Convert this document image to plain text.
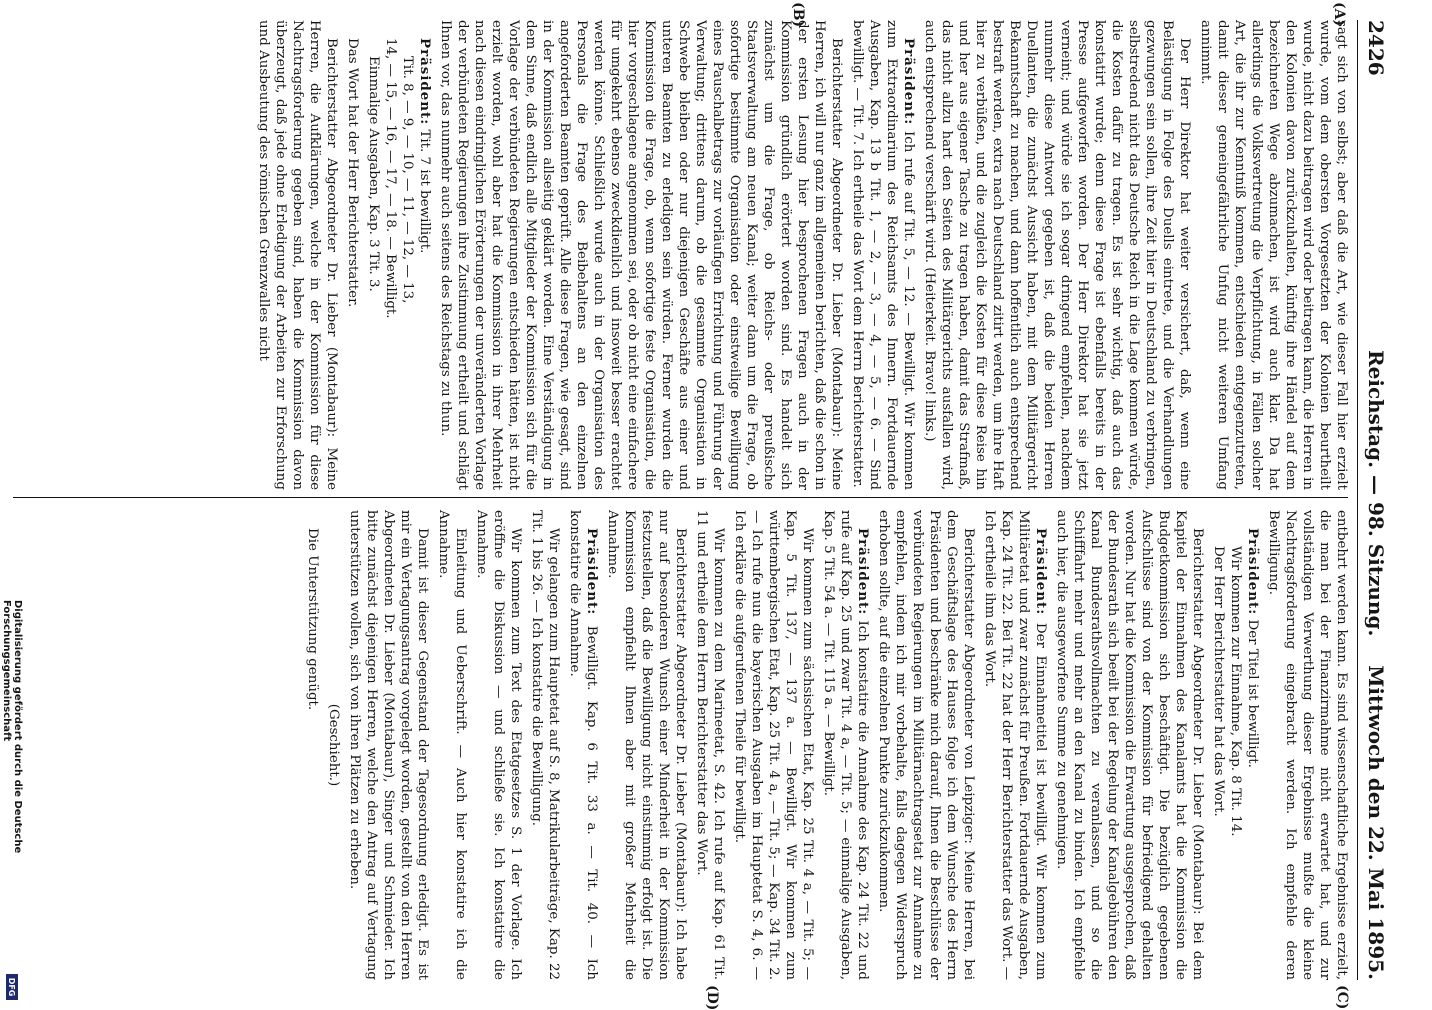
2426
Reichstag. — 98. Sitzung.
Mittwoch den 22. Mai 1895.
(A)
(B)
(C)
(D)

sagt sich von selbst; aber daß die Art, wie dieser Fall hier erzielt wurde, vom dem obersten Vorgesetzten der Kolonien beurtheilt wurde, nicht dazu beitragen wird oder beitragen kann, die Herren in den Kolonien davon zurückzuhalten, künftig ihre Händel auf dem bezeichneten Wege abzumachen, ist wird auch klar. Da hat allerdings die Volksvertretung die Verpflichtung, in Fällen solcher Art, die ihr zur Kenntniß kommen, entschieden entgegenzutreten, damit dieser gemeingefährliche Unfug nicht weiteren Umfang annimmt.

Der Herr Direktor hat weiter versichert, daß, wenn eine Belästigung in Folge des Duells eintrete, und die Verhandlungen gezwungen sein sollen, ihre Zeit hier in Deutschland zu verbringen, selbstredend nicht das Deutsche Reich in die Lage kommen würde, die Kosten dafür zu tragen. Es ist sehr wichtig, daß auch das konstatirt wurde; denn diese Frage ist ebenfalls bereits in der Presse aufgeworfen worden. Der Herr Direktor hat sie jetzt verneint; und würde sie ich sogar dringend empfehlen, nachdem nunmehr diese Antwort gegeben ist, daß die beiden Herren Duellanten, die zunächst Aussicht haben, mit dem Militärgericht Bekanntschaft zu machen, und dann hoffentlich auch entsprechend bestraft werden, extra nach Deutschland zitirt werden, um ihre Haft hier zu verbüßen, und die zugleich die Kosten für diese Reise hin und her aus eigener Tasche zu tragen haben, damit das Strafmaß, das nicht allzu hart den Seiten des Militärgerichts ausfallen wird, auch entsprechend verschärft wird. (Heiterkeit. Bravo! links.)

Präsident: Ich rufe auf Tit. 5, — 12. — Bewilligt. Wir kommen zum Extraordinarium des Reichsamts des Innern. Fortdauernde Ausgaben, Kap. 13 b Tit. 1, — 2, — 3, — 4, — 5, — 6. — Sind bewilligt. — Tit. 7. Ich ertheile das Wort dem Herrn Berichterstatter.

Berichterstatter Abgeordneter Dr. Lieber (Montabaur): Meine Herren, ich will nur ganz im allgemeinen berichten, daß die schon in der ersten Lesung hier besprochenen Fragen auch in der Kommission gründlich erörtert worden sind. Es handelt sich zunächst um die Frage, ob Reichs- oder preußische Staatsverwaltung am neuen Kanal; weiter dann um die Frage, ob sofortige bestimmte Organisation oder einstweilige Bewilligung eines Pauschalbetrags zur vorläufigen Errichtung und Führung der Verwaltung; drittens darum, ob die gesammte Organisation in Schwebe bleiben oder nur diejenigen Geschäfte aus einer und unteren Beamten zu erledigen sein würden. Ferner wurden die Kommission die Frage, ob, wenn sofortige feste Organisation, die hier vorgeschlagene angenommen sei, oder ob nicht eine einfachere für umgekehrt ebenso zweckdienlich und insoweit besser erachtet werden könne. Schließlich wurde auch in der Organisation des Personals die Frage des Beibehaltens an den einzelnen angeforderten Beamten geprüft. Alle diese Fragen, wie gesagt, sind in der Kommission allseitig geklärt worden. Eine Verständigung in dem Sinne, daß endlich alle Mitglieder der Kommission sich für die Vorlage der verbündeten Regierungen entschieden hätten, ist nicht erzielt worden, wohl aber hat die Kommission in ihrer Mehrheit nach diesen eindringlichen Erörterungen der unveränderten Vorlage der verbündeten Regierungen ihre Zustimmung ertheilt und schlägt Ihnen vor, das nunmehr auch seitens des Reichstags zu thun.

Präsident: Tit. 7 ist bewilligt.
Tit. 8, — 9, — 10, — 11, — 12, — 13,
14, — 15, — 16, — 17, — 18. — Bewilligt.
Einmalige Ausgaben, Kap. 3 Tit. 3.

Das Wort hat der Herr Berichterstatter.

Berichterstatter Abgeordneter Dr. Lieber (Montabaur): Meine Herren, die Aufklärungen, welche in der Kommission für diese Nachtragsforderung gegeben sind, haben die Kommission davon überzeugt, daß jede ohne Erledigung der Arbeiten zur Erforschung und Ausbeutung des römischen Grenzwalles nicht

entbehrt werden kann. Es sind wissenschaftliche Ergebnisse erzielt, die man bei der Finanzirmahme nicht erwartet hat, und zur vollständigen Verwerthung dieser Ergebnisse mußte die kleine Nachtragsforderung eingebracht werden. Ich empfehle deren Bewilligung.

Präsident: Der Titel ist bewilligt.
Wir kommen zur Einnahme, Kap. 8 Tit. 14.
Der Herr Berichterstatter hat das Wort.

Berichterstatter Abgeordneter Dr. Lieber (Montabaur): Bei dem Kapitel der Einnahmen des Kanalamts hat die Kommission die Budgetkommission sich beschäftigt. Die bezüglich gegebenen Aufschlüsse sind von der Kommission für befriedigend gehalten worden. Nur hat die Kommission die Erwartung ausgesprochen, daß der Bundesrath sich beeilt bei der Regelung der Kanalgebühren den Kanal Bundesrathsvollmachten zu veranlassen, und so die Schifffahrt mehr und mehr an den Kanal zu binden. Ich empfehle auch hier, die ausgeworfene Summe zu genehmigen.

Präsident: Der Einnahmetitel ist bewilligt. Wir kommen zum Militäretat und zwar zunächst für Preußen. Fortdauernde Ausgaben, Kap. 24 Tit. 22. Bei Tit. 22 hat der Herr Berichterstatter das Wort. — Ich ertheile ihm das Wort.

Berichterstatter Abgeordneter von Leipziger: Meine Herren, bei dem Geschäftslage des Hauses folge ich dem Wunsche des Herrn Präsidenten und beschränke mich darauf, Ihnen die Beschlüsse der verbündeten Regierungen im Militärnachtragsetat zur Annahme zu empfehlen, indem ich mir vorbehalte, falls dagegen Widerspruch erhoben sollte, auf die einzelnen Punkte zurückzukommen.

Präsident: Ich konstatire die Annahme des Kap. 24 Tit. 22 und rufe auf Kap. 25 und zwar Tit. 4 a, — Tit. 5; — einmalige Ausgaben, Kap. 5 Tit. 54 a. — Tit. 115 a. — Bewilligt.

Wir kommen zum sächsischen Etat, Kap. 25 Tit. 4 a, — Tit. 5; — Kap. 5 Tit. 137, — 137 a. — Bewilligt. Wir kommen zum württembergischen Etat, Kap. 25 Tit. 4 a, — Tit. 5; — Kap. 34 Tit. 2. — Ich rufe nun die bayerischen Ausgaben im Hauptetat S. 4, 6. — Ich erkläre die aufgerufenen Theile für bewilligt.

Wir kommen zu dem Marineetat, S. 42. Ich rufe auf Kap. 61 Tit. 11 und ertheile dem Herrn Berichterstatter das Wort.

Berichterstatter Abgeordneter Dr. Lieber (Montabaur): Ich habe nur auf besonderen Wunsch einer Minderheit in der Kommission festzustellen, daß die Bewilligung nicht einstimmig erfolgt ist. Die Kommission empfiehlt Ihnen aber mit großer Mehrheit die Annahme.

Präsident: Bewilligt. Kap. 6 Tit. 33 a. — Tit. 40. — Ich konstatire die Annahme.

Wir gelangen zum Hauptetat auf S. 8, Matrikularbeiträge, Kap. 22 Tit. 1 bis 26. — Ich konstatire die Bewilligung.

Wir kommen zum Text des Etatgesetzes S. 1 der Vorlage. Ich eröffne die Diskussion — und schließe sie. Ich konstatire die Annahme.

Einleitung und Ueberschrift. — Auch hier konstatire ich die Annahme.

Damit ist dieser Gegenstand der Tagesordnung erledigt. Es ist mir ein Vertagungsantrag vorgelegt worden, gestellt von den Herren Abgeordneten Dr. Lieber (Montabaur), Singer und Schmieder. Ich bitte zunächst diejenigen Herren, welche den Antrag auf Vertagung unterstützen wollen, sich von ihren Plätzen zu erheben.

(Geschieht.)

Die Unterstützung genügt.

Digitalisierung gefördert durch die Deutsche Forschungsgemeinschaft
DFG
